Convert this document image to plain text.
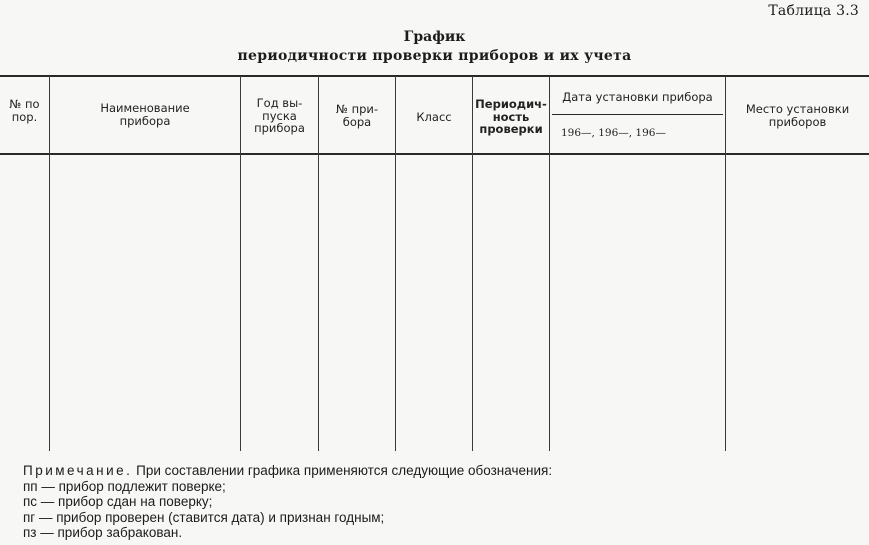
Таблица 3.3
График
периодичности проверки приборов и их учета
№ по
пор.
Наименование
прибора
Год вы-
пуска
прибора
№ при-
бора	Класс
Периодич-
ность
проверки
Дата установки прибора
196—, 196—, 196—
Место установки
приборов
Примечание. При составлении графика применяются следующие обозначения:
пп — прибор подлежит поверке;
пс — прибор сдан на поверку;
пг — прибор проверен (ставится дата) и признан годным;
пз — прибор забракован.
